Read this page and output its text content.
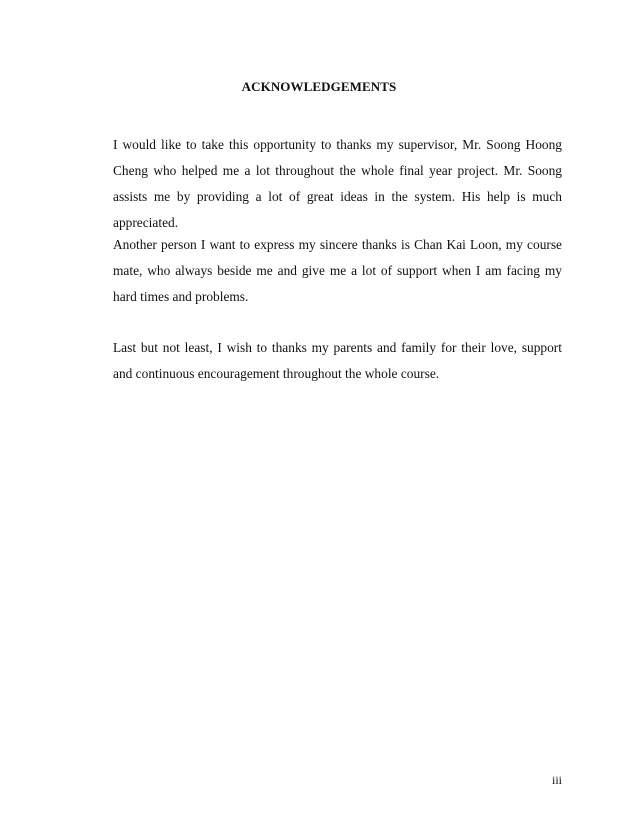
ACKNOWLEDGEMENTS

I would like to take this opportunity to thanks my supervisor, Mr. Soong Hoong Cheng who helped me a lot throughout the whole final year project. Mr. Soong assists me by providing a lot of great ideas in the system. His help is much appreciated.

Another person I want to express my sincere thanks is Chan Kai Loon, my course mate, who always beside me and give me a lot of support when I am facing my hard times and problems.

Last but not least, I wish to thanks my parents and family for their love, support and continuous encouragement throughout the whole course.

iii
